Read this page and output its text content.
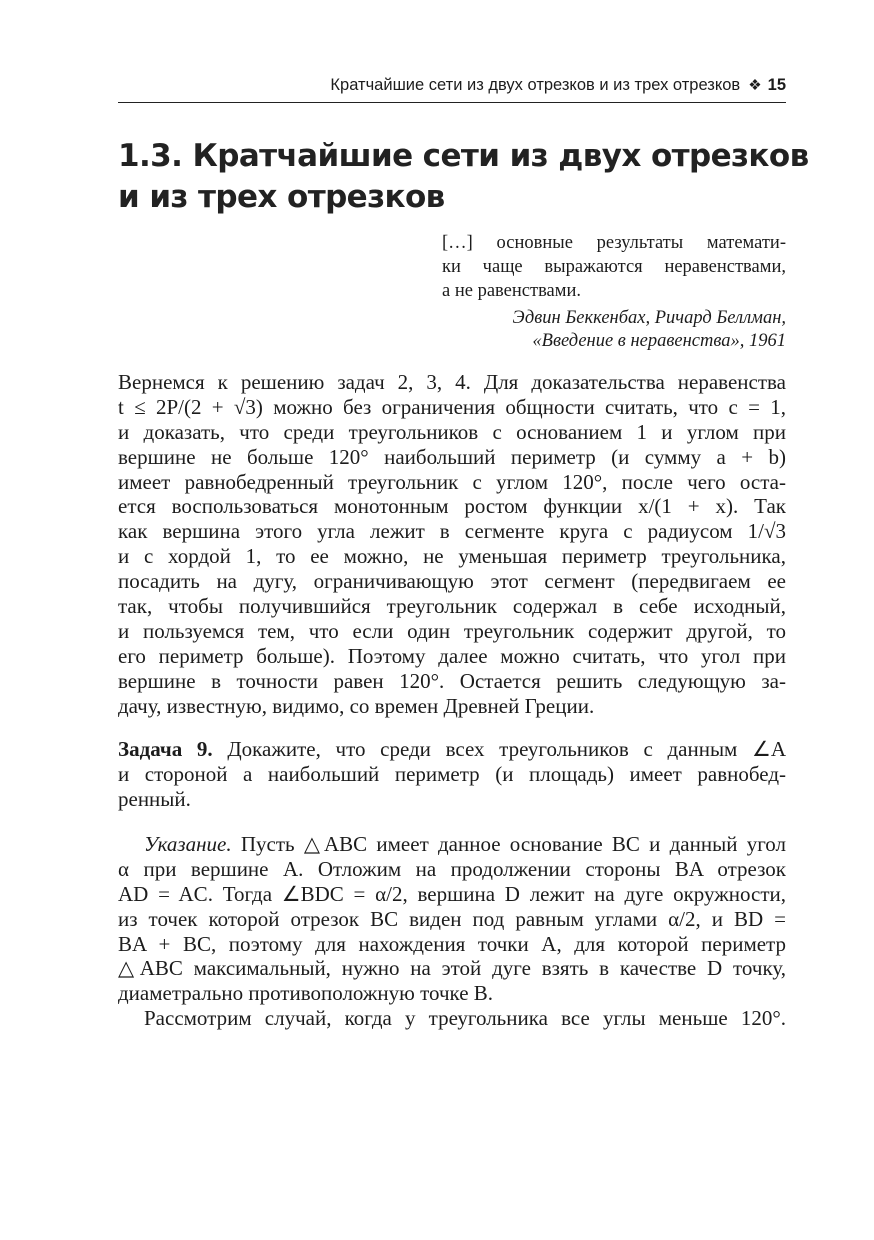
Кратчайшие сети из двух отрезков и из трех отрезков ❖ 15
1.3. Кратчайшие сети из двух отрезков
и из трех отрезков
[…] основные результаты математи-
ки чаще выражаются неравенствами,
а не равенствами.
Эдвин Беккенбах, Ричард Беллман,
«Введение в неравенства», 1961
Вернемся к решению задач 2, 3, 4. Для доказательства неравенства
t ≤ 2P/(2 + √3) можно без ограничения общности считать, что c = 1,
и доказать, что среди треугольников с основанием 1 и углом при
вершине не больше 120° наибольший периметр (и сумму a + b)
имеет равнобедренный треугольник с углом 120°, после чего оста-
ется воспользоваться монотонным ростом функции x/(1 + x). Так
как вершина этого угла лежит в сегменте круга с радиусом 1/√3
и с хордой 1, то ее можно, не уменьшая периметр треугольника,
посадить на дугу, ограничивающую этот сегмент (передвигаем ее
так, чтобы получившийся треугольник содержал в себе исходный,
и пользуемся тем, что если один треугольник содержит другой, то
его периметр больше). Поэтому далее можно считать, что угол при
вершине в точности равен 120°. Остается решить следующую за-
дачу, известную, видимо, со времен Древней Греции.
Задача 9. Докажите, что среди всех треугольников с данным ∠A
и стороной a наибольший периметр (и площадь) имеет равнобед-
ренный.
Указание. Пусть △ABC имеет данное основание BC и данный угол
α при вершине A. Отложим на продолжении стороны BA отрезок
AD = AC. Тогда ∠BDC = α/2, вершина D лежит на дуге окружности,
из точек которой отрезок BC виден под равным углами α/2, и BD =
BA + BC, поэтому для нахождения точки A, для которой периметр
△ABC максимальный, нужно на этой дуге взять в качестве D точку,
диаметрально противоположную точке B.
Рассмотрим случай, когда у треугольника все углы меньше 120°.
